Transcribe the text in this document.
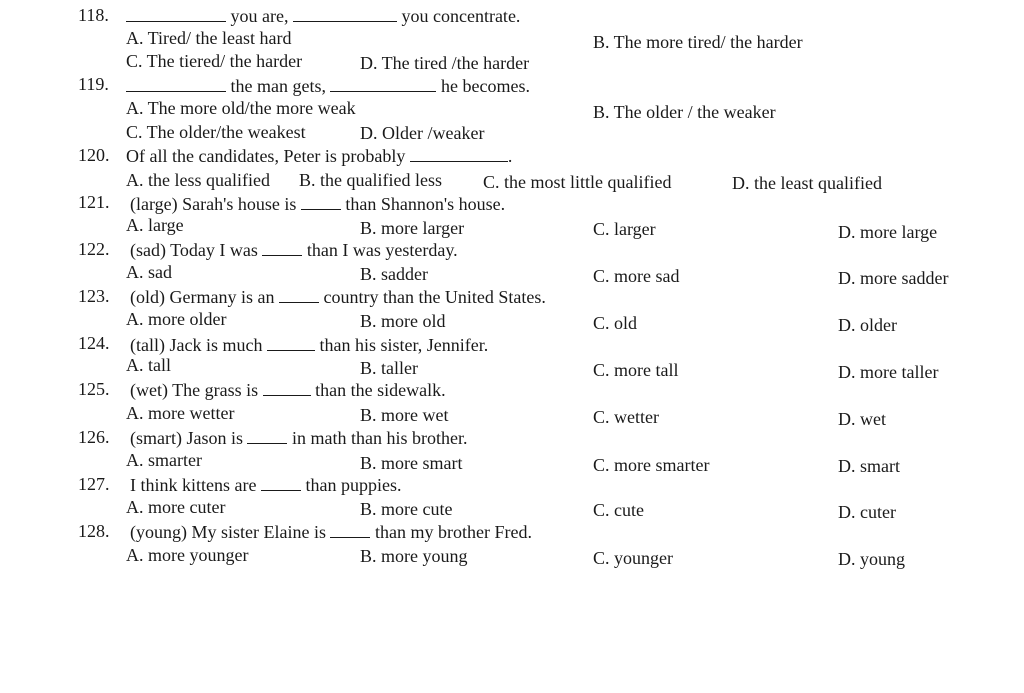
118.	you are,	you concentrate.
A. Tired/ the least hard	B. The more tired/ the harder
C. The tiered/ the harder	D. The tired /the harder
119.	the man gets,	he becomes.
A. The more old/the more weak	B. The older / the weaker
C. The older/the weakest	D. Older /weaker
120. Of all the candidates, Peter is probably	.
A. the less qualified B. the qualified less C. the most little qualified	D. the least qualified
121. (large) Sarah's house is	than Shannon's house.
A. large	B. more larger	C. larger	D. more large
122. (sad) Today I was	than I was yesterday.
A. sad	B. sadder	C. more sad	D. more sadder
123. (old) Germany is an	country than the United States.
A. more older	B. more old	C. old	D. older
124. (tall) Jack is much	than his sister, Jennifer.
A. tall	B. taller	C. more tall	D. more taller
125. (wet) The grass is	than the sidewalk.
A. more wetter	B. more wet	C. wetter	D. wet
126. (smart) Jason is	in math than his brother.
A. smarter	B. more smart	C. more smarter	D. smart
127. I think kittens are	than puppies.
A. more cuter	B. more cute	C. cute	D. cuter
128. (young) My sister Elaine is	than my brother Fred.
A. more younger	B. more young	C. younger	D. young
